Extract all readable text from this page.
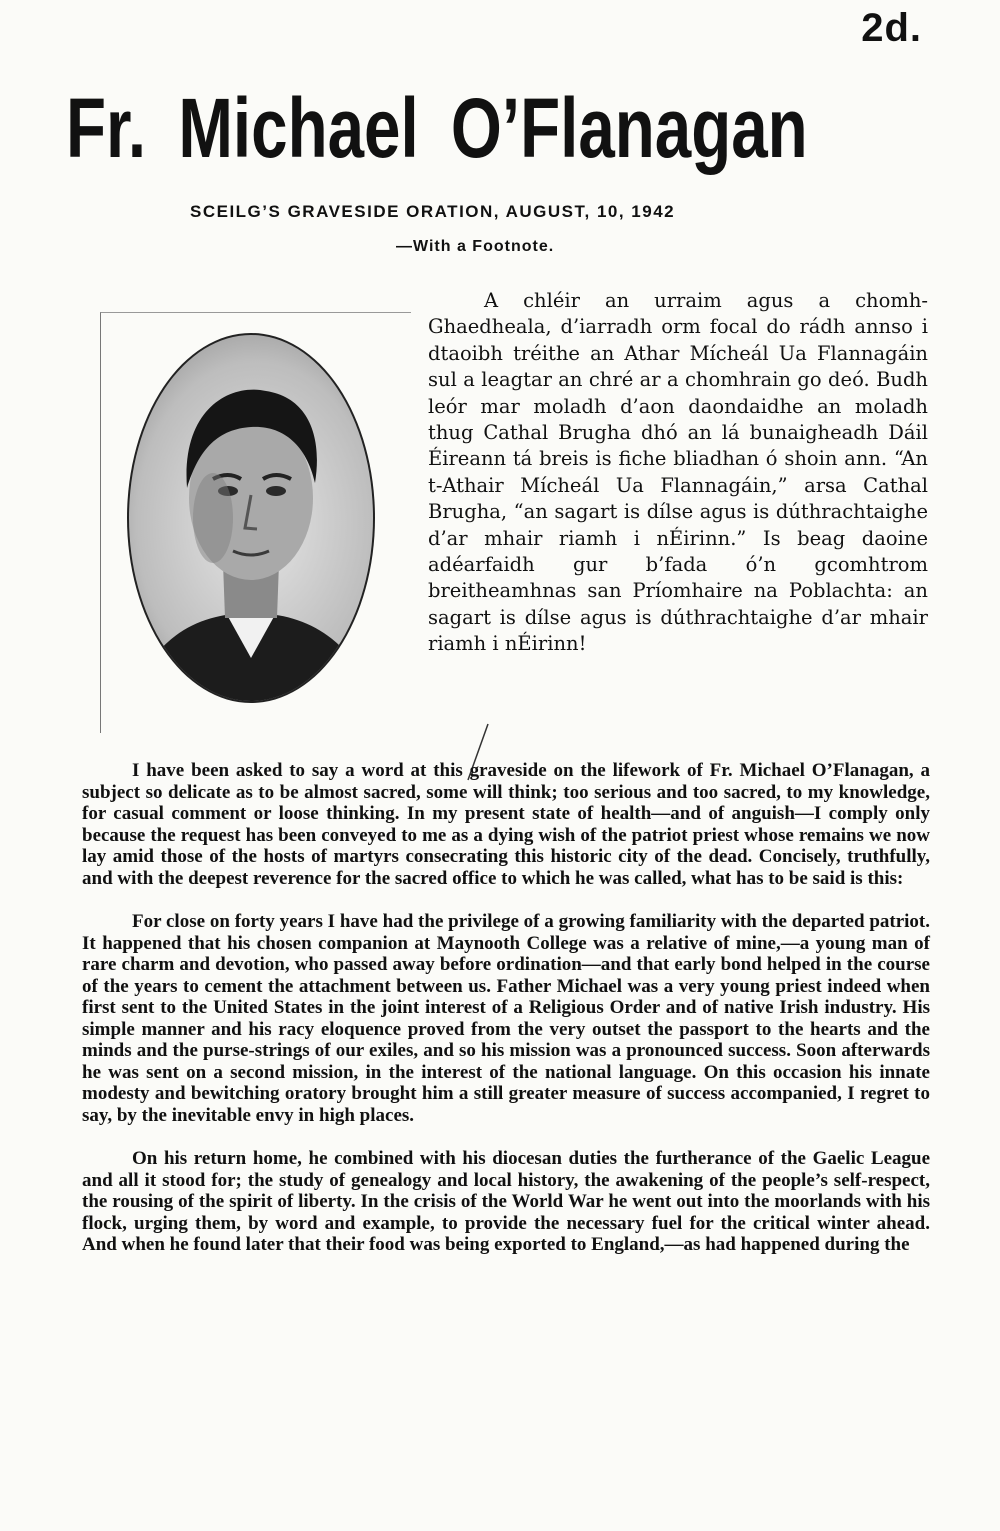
2d.
Fr. Michael O’Flanagan
SCEILG’S GRAVESIDE ORATION, AUGUST, 10, 1942
—With a Footnote.
A chléir an urraim agus a chomh-Ghaedheala, d’iarradh orm focal do rádh annso i dtaoibh tréithe an Athar Mícheál Ua Flannagáin sul a leagtar an chré ar a chomhrain go deó. Budh leór mar moladh d’aon daondaidhe an moladh thug Cathal Brugha dhó an lá bunaigheadh Dáil Éireann tá breis is fiche bliadhan ó shoin ann. “An t-Athair Mícheál Ua Flannagáin,” arsa Cathal Brugha, “an sagart is dílse agus is dúthrachtaighe d’ar mhair riamh i nÉirinn.” Is beag daoine adéarfaidh gur b’fada ó’n gcomhtrom breitheamhnas san Príomhaire na Poblachta: an sagart is dílse agus is dúthrachtaighe d’ar mhair riamh i nÉirinn!

I have been asked to say a word at this graveside on the lifework of Fr. Michael O’Flanagan, a subject so delicate as to be almost sacred, some will think; too serious and too sacred, to my knowledge, for casual comment or loose thinking. In my present state of health—and of anguish—I comply only because the request has been conveyed to me as a dying wish of the patriot priest whose remains we now lay amid those of the hosts of martyrs consecrating this historic city of the dead. Concisely, truthfully, and with the deepest reverence for the sacred office to which he was called, what has to be said is this:

For close on forty years I have had the privilege of a growing familiarity with the departed patriot. It happened that his chosen companion at Maynooth College was a relative of mine,—a young man of rare charm and devotion, who passed away before ordination—and that early bond helped in the course of the years to cement the attachment between us. Father Michael was a very young priest indeed when first sent to the United States in the joint interest of a Religious Order and of native Irish industry. His simple manner and his racy eloquence proved from the very outset the passport to the hearts and the minds and the purse-strings of our exiles, and so his mission was a pronounced success. Soon afterwards he was sent on a second mission, in the interest of the national language. On this occasion his innate modesty and bewitching oratory brought him a still greater measure of success accompanied, I regret to say, by the inevitable envy in high places.

On his return home, he combined with his diocesan duties the furtherance of the Gaelic League and all it stood for; the study of genealogy and local history, the awakening of the people’s self-respect, the rousing of the spirit of liberty. In the crisis of the World War he went out into the moorlands with his flock, urging them, by word and example, to provide the necessary fuel for the critical winter ahead. And when he found later that their food was being exported to England,—as had happened during the
